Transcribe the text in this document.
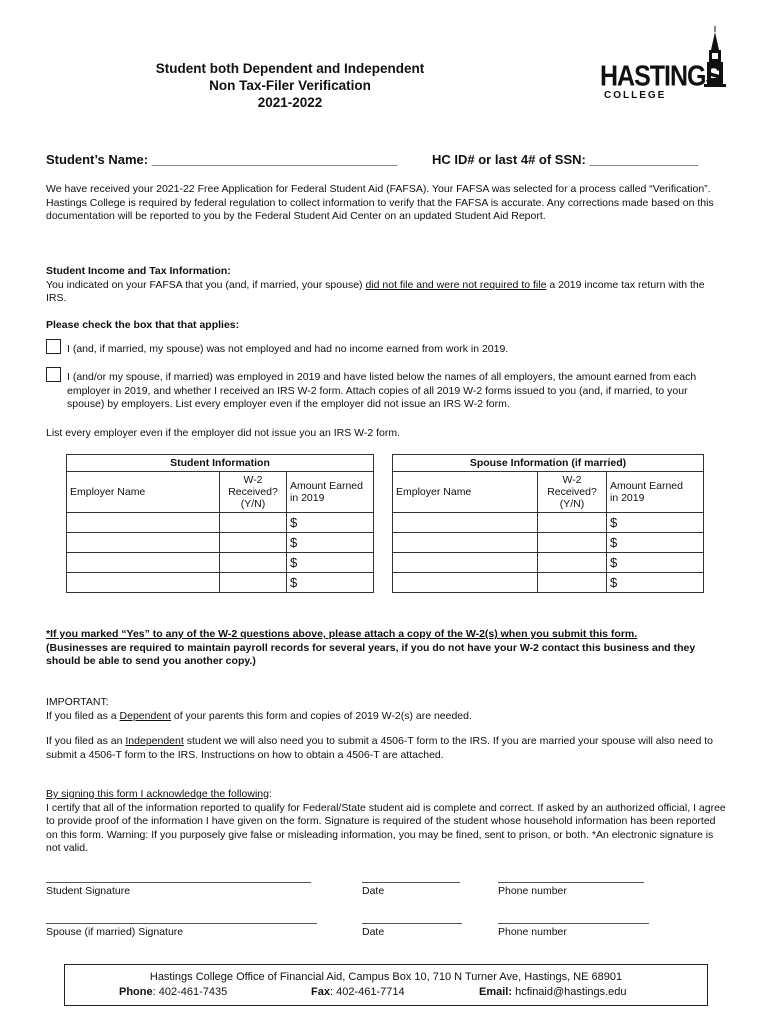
Student both Dependent and Independent
Non Tax-Filer Verification
2021-2022
HASTINGS
COLLEGE
Student’s Name: __________________________________	HC ID# or last 4# of SSN: _______________

We have received your 2021-22 Free Application for Federal Student Aid (FAFSA). Your FAFSA was selected for a process called “Verification”. Hastings College is required by federal regulation to collect information to verify that the FAFSA is accurate. Any corrections made based on this documentation will be reported to you by the Federal Student Aid Center on an updated Student Aid Report.

Student Income and Tax Information:

You indicated on your FAFSA that you (and, if married, your spouse) did not file and were not required to file a 2019 income tax return with the IRS.

Please check the box that that applies:

I (and, if married, my spouse) was not employed and had no income earned from work in 2019.

I (and/or my spouse, if married) was employed in 2019 and have listed below the names of all employers, the amount earned from each employer in 2019, and whether I received an IRS W-2 form. Attach copies of all 2019 W-2 forms issued to you (and, if married, to your spouse) by employers. List every employer even if the employer did not issue an IRS W-2 form.

List every employer even if the employer did not issue you an IRS W-2 form.

Student Information		
Employer Name	W-2
Received?
(Y/N)	Amount Earned
in 2019
		$
		$
		$
		$
Spouse Information (if married)		
Employer Name	W-2
Received?
(Y/N)	Amount Earned
in 2019
		$
		$
		$
		$

*If you marked “Yes” to any of the W-2 questions above, please attach a copy of the W-2(s) when you submit this form.

(Businesses are required to maintain payroll records for several years, if you do not have your W-2 contact this business and they should be able to send you another copy.)

IMPORTANT:

If you filed as a Dependent of your parents this form and copies of 2019 W-2(s) are needed.

If you filed as an Independent student we will also need you to submit a 4506-T form to the IRS. If you are married your spouse will also need to submit a 4506-T form to the IRS. Instructions on how to obtain a 4506-T are attached.

By signing this form I acknowledge the following:

I certify that all of the information reported to qualify for Federal/State student aid is complete and correct. If asked by an authorized official, I agree to provide proof of the information I have given on the form. Signature is required of the student whose household information has been reported on this form. Warning: If you purposely give false or misleading information, you may be fined, sent to prison, or both. *An electronic signature is not valid.

Student Signature	Date	Phone number
Spouse (if married) Signature	Date	Phone number
Hastings College Office of Financial Aid, Campus Box 10, 710 N Turner Ave, Hastings, NE 68901
Phone: 402-461-7435	Fax: 402-461-7714	Email: hcfinaid@hastings.edu
